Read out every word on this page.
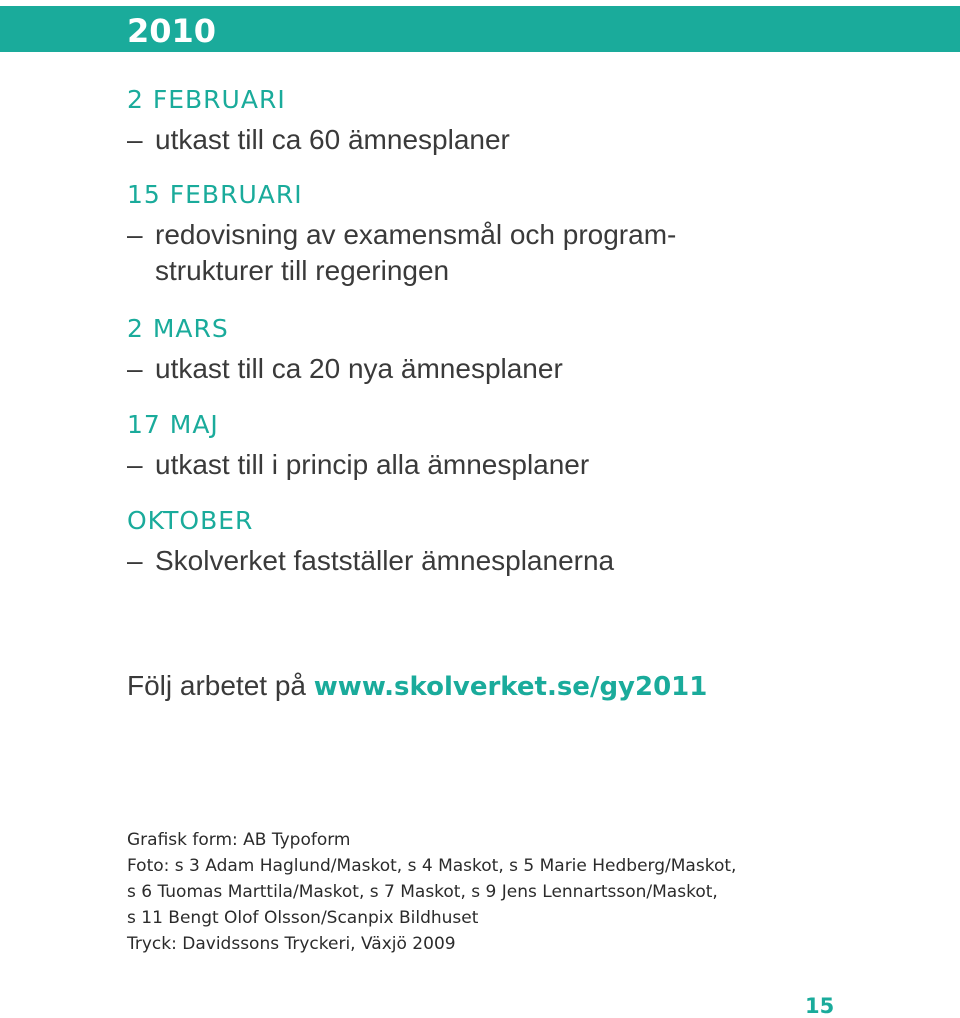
2010
2 FEBRUARI
– utkast till ca 60 ämnesplaner
15 FEBRUARI
– redovisning av examensmål och program-
strukturer till regeringen
2 MARS
– utkast till ca 20 nya ämnesplaner
17 MAJ
– utkast till i princip alla ämnesplaner
OKTOBER
– Skolverket fastställer ämnesplanerna
Följ arbetet på www.skolverket.se/gy2011
Grafisk form: AB Typoform
Foto: s 3 Adam Haglund/Maskot, s 4 Maskot, s 5 Marie Hedberg/Maskot,
s 6 Tuomas Marttila/Maskot, s 7 Maskot, s 9 Jens Lennartsson/Maskot,
s 11 Bengt Olof Olsson/Scanpix Bildhuset
Tryck: Davidssons Tryckeri, Växjö 2009
15
